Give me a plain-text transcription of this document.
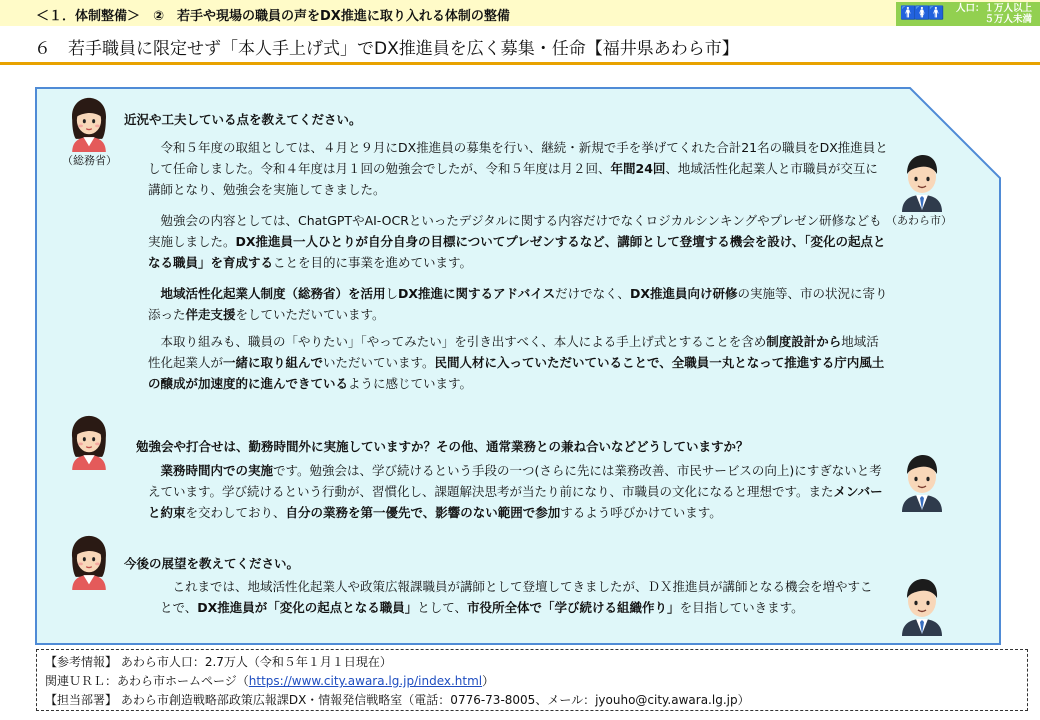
＜１．体制整備＞　②　若手や現場の職員の声をDX推進に取り入れる体制の整備	🚹🚺🚹	人口：１万人以上
５万人未満
６　若手職員に限定せず「本人手上げ式」でDX推進員を広く募集・任命【福井県あわら市】
（総務省）
（あわら市）
近況や工夫している点を教えてください。
　令和５年度の取組としては、４月と９月にDX推進員の募集を行い、継続・新規で手を挙げてくれた合計21名の職員をDX推進員として任命しました。令和４年度は月１回の勉強会でしたが、令和５年度は月２回、年間24回、地域活性化起業人と市職員が交互に講師となり、勉強会を実施してきました。
　勉強会の内容としては、ChatGPTやAI-OCRといったデジタルに関する内容だけでなくロジカルシンキングやプレゼン研修なども実施しました。DX推進員一人ひとりが自分自身の目標についてプレゼンするなど、講師として登壇する機会を設け、「変化の起点となる職員」を育成することを目的に事業を進めています。
　地域活性化起業人制度（総務省）を活用しDX推進に関するアドバイスだけでなく、DX推進員向け研修の実施等、市の状況に寄り添った伴走支援をしていただいています。
　本取り組みも、職員の「やりたい」「やってみたい」を引き出すべく、本人による手上げ式とすることを含め制度設計から地域活性化起業人が一緒に取り組んでいただいています。民間人材に入っていただいていることで、全職員一丸となって推進する庁内風土の醸成が加速度的に進んできているように感じています。
勉強会や打合せは、勤務時間外に実施していますか？その他、通常業務との兼ね合いなどどうしていますか？
　業務時間内での実施です。勉強会は、学び続けるという手段の一つ(さらに先には業務改善、市民サービスの向上)にすぎないと考えています。学び続けるという行動が、習慣化し、課題解決思考が当たり前になり、市職員の文化になると理想です。またメンバーと約束を交わしており、自分の業務を第一優先で、影響のない範囲で参加するよう呼びかけています。
今後の展望を教えてください。
　これまでは、地域活性化起業人や政策広報課職員が講師として登壇してきましたが、ＤＸ推進員が講師となる機会を増やすことで、DX推進員が「変化の起点となる職員」として、市役所全体で「学び続ける組織作り」を目指していきます。
【参考情報】 あわら市人口：2.7万人（令和５年１月１日現在）
関連ＵＲＬ：あわら市ホームページ（https://www.city.awara.lg.jp/index.html）
【担当部署】 あわら市創造戦略部政策広報課DX・情報発信戦略室（電話：0776-73-8005、メール：jyouho@city.awara.lg.jp）
